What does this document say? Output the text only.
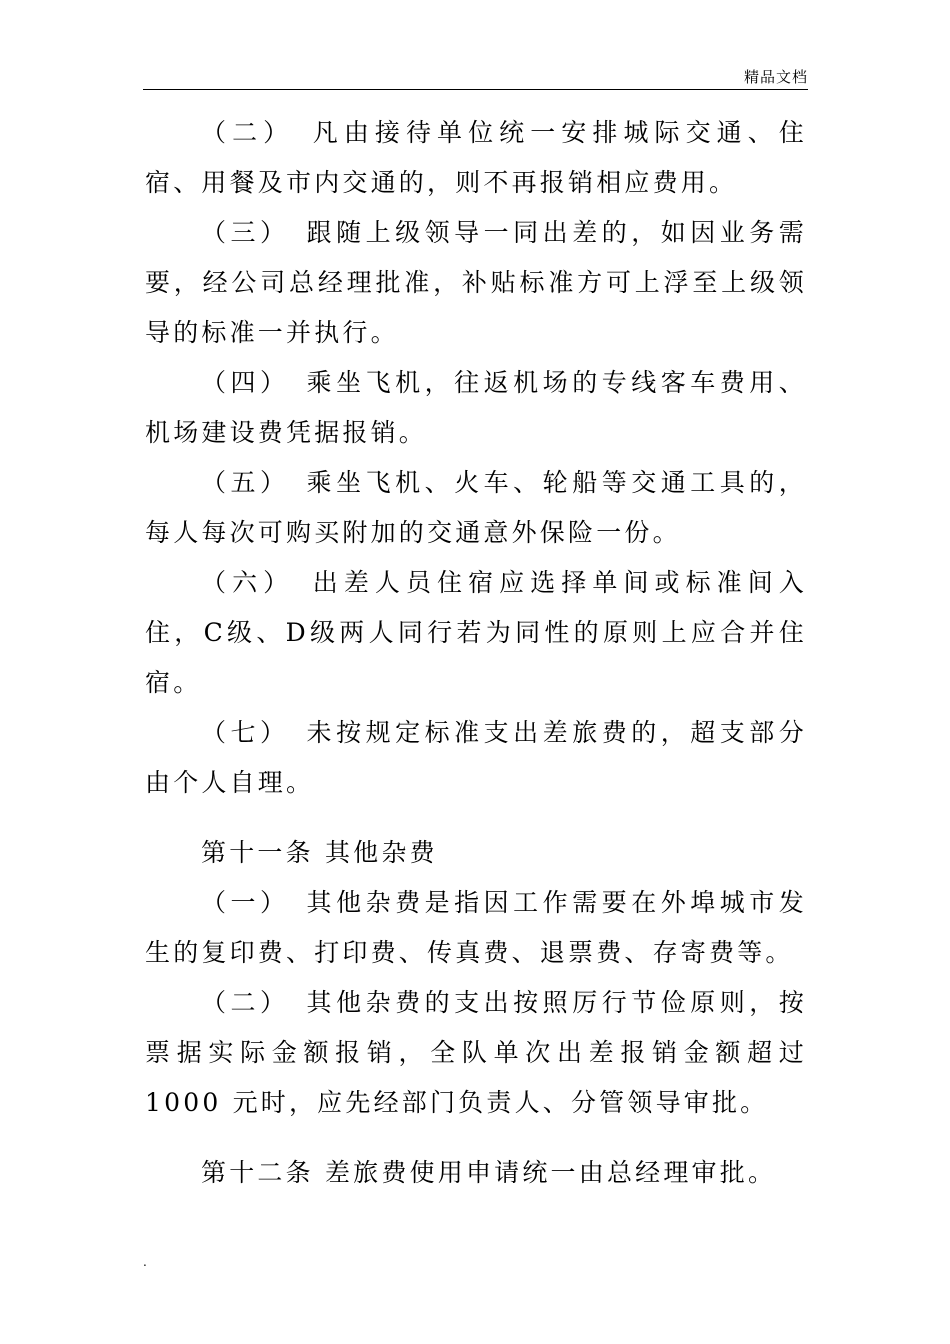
精品文档

（二）　凡由接待单位统一安排城际交通、住宿、用餐及市内交通的，则不再报销相应费用。

（三）　跟随上级领导一同出差的，如因业务需要，经公司总经理批准，补贴标准方可上浮至上级领导的标准一并执行。

（四）　乘坐飞机，往返机场的专线客车费用、机场建设费凭据报销。

（五）　乘坐飞机、火车、轮船等交通工具的，每人每次可购买附加的交通意外保险一份。

（六）　出差人员住宿应选择单间或标准间入住，C级、D级两人同行若为同性的原则上应合并住宿。

（七）　未按规定标准支出差旅费的，超支部分由个人自理。

第十一条 其他杂费

（一）　其他杂费是指因工作需要在外埠城市发生的复印费、打印费、传真费、退票费、存寄费等。

（二）　其他杂费的支出按照厉行节俭原则，按票据实际金额报销，全队单次出差报销金额超过 1000 元时，应先经部门负责人、分管领导审批。

第十二条 差旅费使用申请统一由总经理审批。

.
